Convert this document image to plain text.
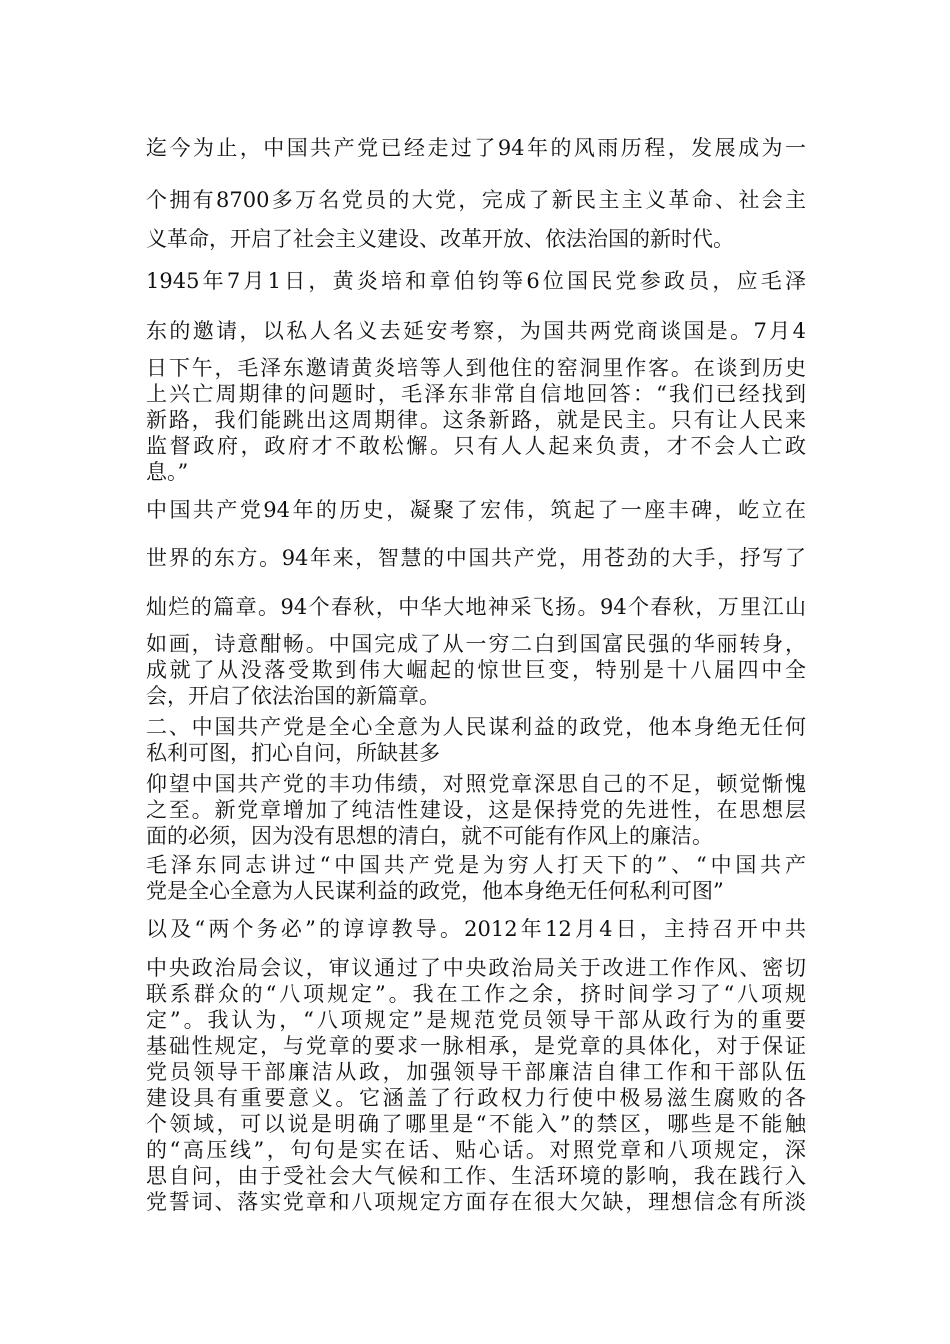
迄今为止，中国共产党已经走过了94年的风雨历程，发展成为一

个拥有8700多万名党员的大党，完成了新民主主义革命、社会主

义革命，开启了社会主义建设、改革开放、依法治国的新时代。

1945年7月1日，黄炎培和章伯钧等6位国民党参政员，应毛泽

东的邀请，以私人名义去延安考察，为国共两党商谈国是。7月4

日下午，毛泽东邀请黄炎培等人到他住的窑洞里作客。在谈到历史

上兴亡周期律的问题时，毛泽东非常自信地回答：“我们已经找到

新路，我们能跳出这周期律。这条新路，就是民主。只有让人民来

监督政府，政府才不敢松懈。只有人人起来负责，才不会人亡政

息。”

中国共产党94年的历史，凝聚了宏伟，筑起了一座丰碑，屹立在

世界的东方。94年来，智慧的中国共产党，用苍劲的大手，抒写了

灿烂的篇章。94个春秋，中华大地神采飞扬。94个春秋，万里江山

如画，诗意酣畅。中国完成了从一穷二白到国富民强的华丽转身，

成就了从没落受欺到伟大崛起的惊世巨变，特别是十八届四中全

会，开启了依法治国的新篇章。

二、中国共产党是全心全意为人民谋利益的政党，他本身绝无任何

私利可图，扪心自问，所缺甚多

仰望中国共产党的丰功伟绩，对照党章深思自己的不足，顿觉惭愧

之至。新党章增加了纯洁性建设，这是保持党的先进性，在思想层

面的必须，因为没有思想的清白，就不可能有作风上的廉洁。

毛泽东同志讲过“中国共产党是为穷人打天下的”、“中国共产

党是全心全意为人民谋利益的政党，他本身绝无任何私利可图”

以及“两个务必”的谆谆教导。2012年12月4日，主持召开中共

中央政治局会议，审议通过了中央政治局关于改进工作作风、密切

联系群众的“八项规定”。我在工作之余，挤时间学习了“八项规

定”。我认为，“八项规定”是规范党员领导干部从政行为的重要

基础性规定，与党章的要求一脉相承，是党章的具体化，对于保证

党员领导干部廉洁从政，加强领导干部廉洁自律工作和干部队伍

建设具有重要意义。它涵盖了行政权力行使中极易滋生腐败的各

个领域，可以说是明确了哪里是“不能入”的禁区，哪些是不能触

的“高压线”，句句是实在话、贴心话。对照党章和八项规定，深

思自问，由于受社会大气候和工作、生活环境的影响，我在践行入

党誓词、落实党章和八项规定方面存在很大欠缺，理想信念有所淡
